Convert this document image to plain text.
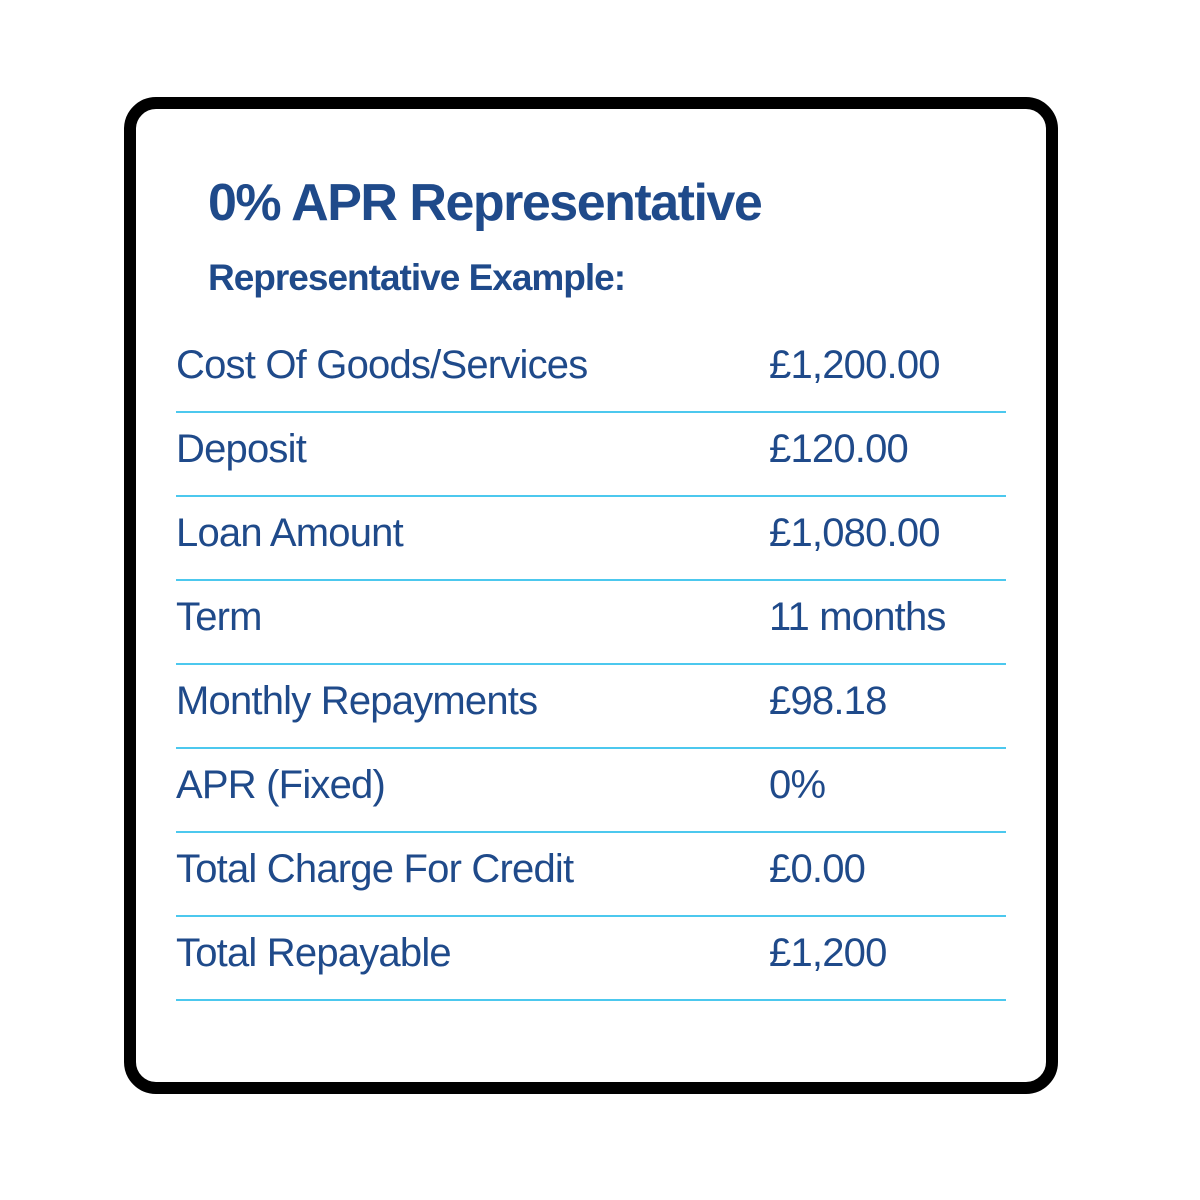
0% APR Representative
Representative Example:
Cost Of Goods/Services	£1,200.00
Deposit	£120.00
Loan Amount	£1,080.00
Term	11 months
Monthly Repayments	£98.18
APR (Fixed)	0%
Total Charge For Credit	£0.00
Total Repayable	£1,200
